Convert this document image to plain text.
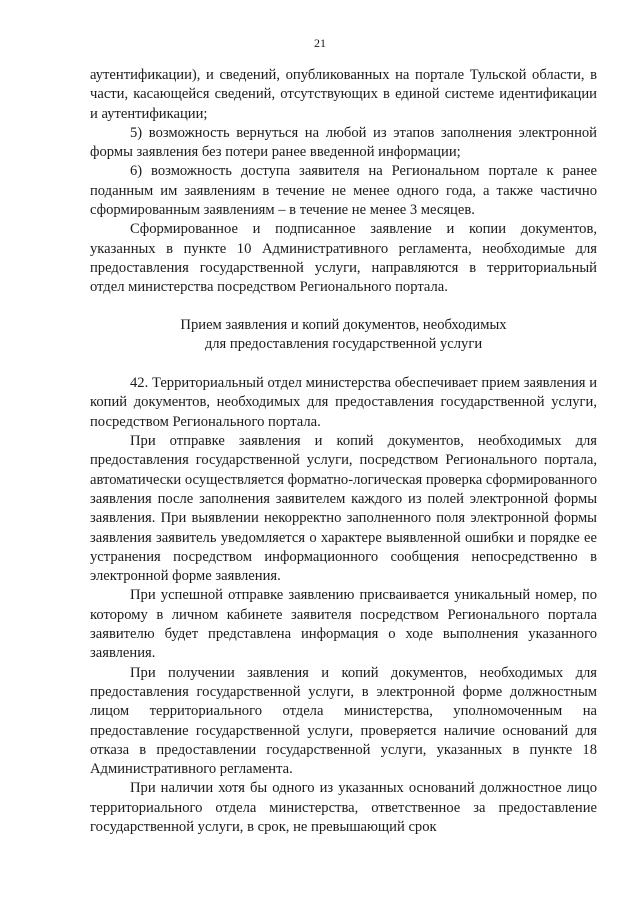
21

аутентификации), и сведений, опубликованных на портале Тульской области, в части, касающейся сведений, отсутствующих в единой системе идентификации и аутентификации;

5) возможность вернуться на любой из этапов заполнения электронной формы заявления без потери ранее введенной информации;

6) возможность доступа заявителя на Региональном портале к ранее поданным им заявлениям в течение не менее одного года, а также частично сформированным заявлениям – в течение не менее 3 месяцев.

Сформированное и подписанное заявление и копии документов, указанных в пункте 10 Административного регламента, необходимые для предоставления государственной услуги, направляются в территориальный отдел министерства посредством Регионального портала.

Прием заявления и копий документов, необходимых
для предоставления государственной услуги

42. Территориальный отдел министерства обеспечивает прием заявления и копий документов, необходимых для предоставления государственной услуги, посредством Регионального портала.

При отправке заявления и копий документов, необходимых для предоставления государственной услуги, посредством Регионального портала, автоматически осуществляется форматно-логическая проверка сформированного заявления после заполнения заявителем каждого из полей электронной формы заявления. При выявлении некорректно заполненного поля электронной формы заявления заявитель уведомляется о характере выявленной ошибки и порядке ее устранения посредством информационного сообщения непосредственно в электронной форме заявления.

При успешной отправке заявлению присваивается уникальный номер, по которому в личном кабинете заявителя посредством Регионального портала заявителю будет представлена информация о ходе выполнения указанного заявления.

При получении заявления и копий документов, необходимых для предоставления государственной услуги, в электронной форме должностным лицом территориального отдела министерства, уполномоченным на предоставление государственной услуги, проверяется наличие оснований для отказа в предоставлении государственной услуги, указанных в пункте 18 Административного регламента.

При наличии хотя бы одного из указанных оснований должностное лицо территориального отдела министерства, ответственное за предоставление государственной услуги, в срок, не превышающий срок
